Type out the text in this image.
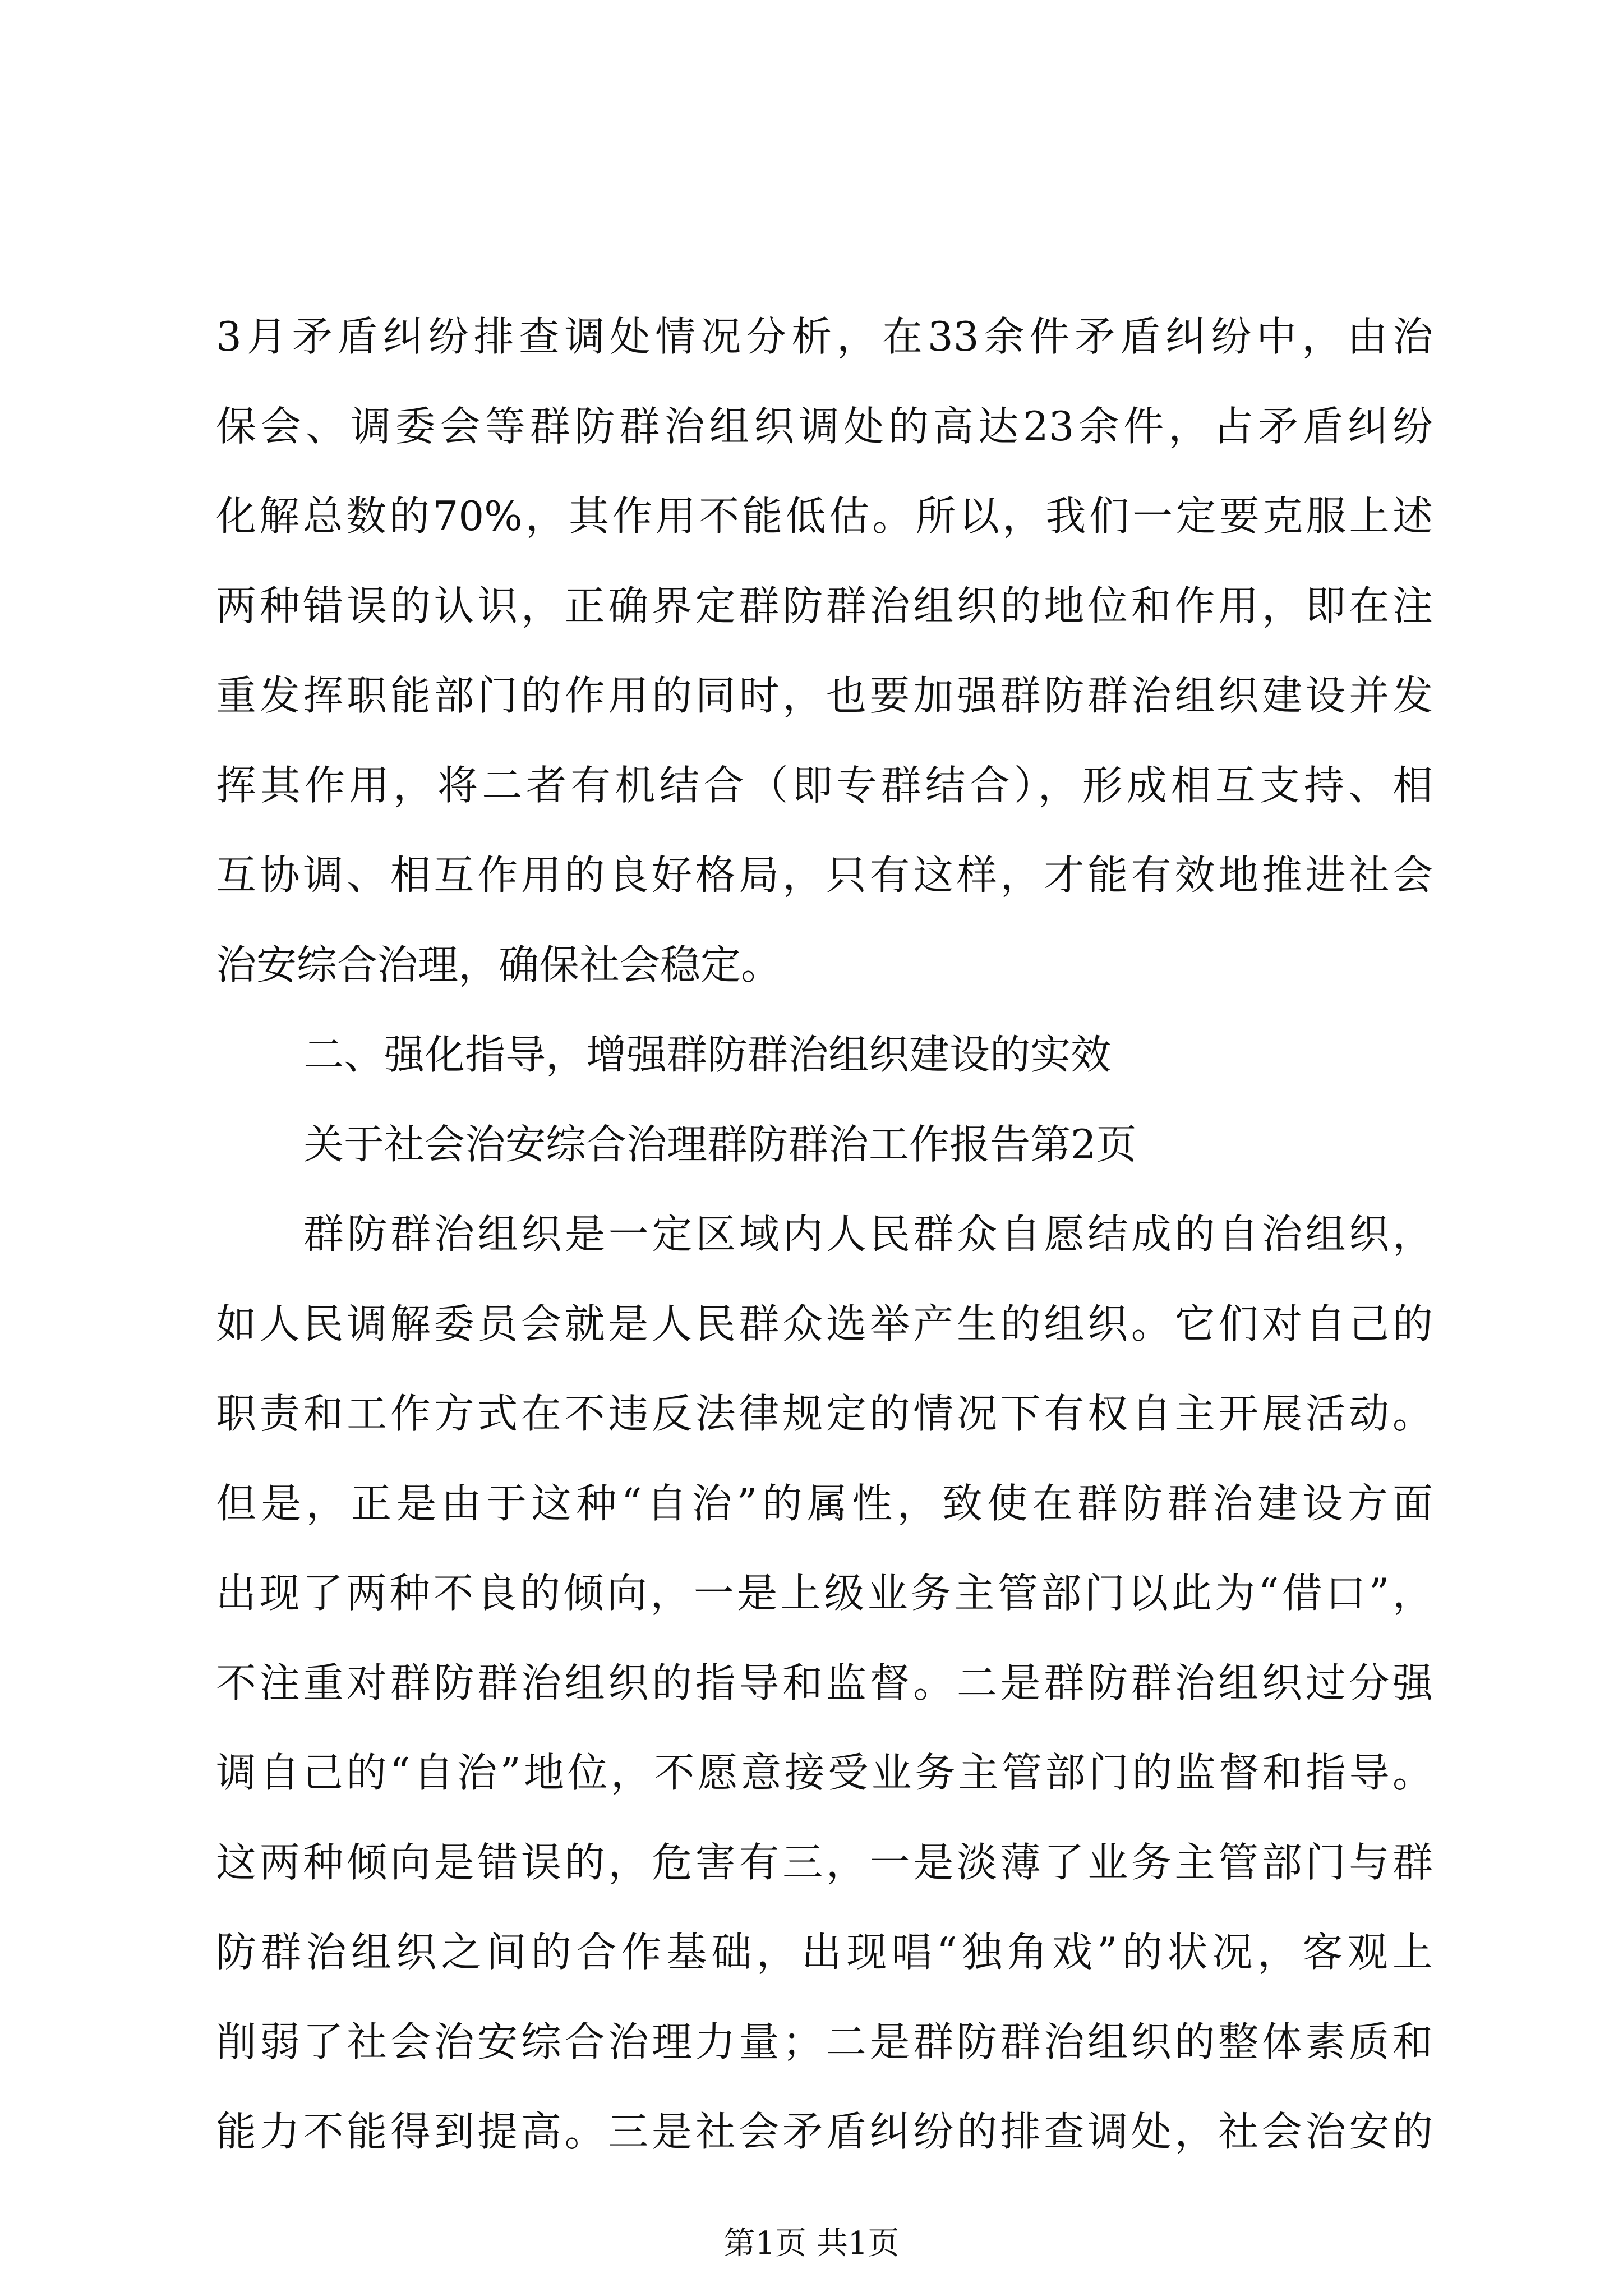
3月矛盾纠纷排查调处情况分析，在33余件矛盾纠纷中，由治
保会、调委会等群防群治组织调处的高达23余件，占矛盾纠纷
化解总数的70%，其作用不能低估。所以，我们一定要克服上述
两种错误的认识，正确界定群防群治组织的地位和作用，即在注
重发挥职能部门的作用的同时，也要加强群防群治组织建设并发
挥其作用，将二者有机结合（即专群结合），形成相互支持、相
互协调、相互作用的良好格局，只有这样，才能有效地推进社会
治安综合治理，确保社会稳定。
二、强化指导，增强群防群治组织建设的实效
关于社会治安综合治理群防群治工作报告第2页
群防群治组织是一定区域内人民群众自愿结成的自治组织，
如人民调解委员会就是人民群众选举产生的组织。它们对自己的
职责和工作方式在不违反法律规定的情况下有权自主开展活动。
但是，正是由于这种“自治”的属性，致使在群防群治建设方面
出现了两种不良的倾向，一是上级业务主管部门以此为“借口”，
不注重对群防群治组织的指导和监督。二是群防群治组织过分强
调自己的“自治”地位，不愿意接受业务主管部门的监督和指导。
这两种倾向是错误的，危害有三，一是淡薄了业务主管部门与群
防群治组织之间的合作基础，出现唱“独角戏”的状况，客观上
削弱了社会治安综合治理力量；二是群防群治组织的整体素质和
能力不能得到提高。三是社会矛盾纠纷的排查调处，社会治安的
第1页 共1页
